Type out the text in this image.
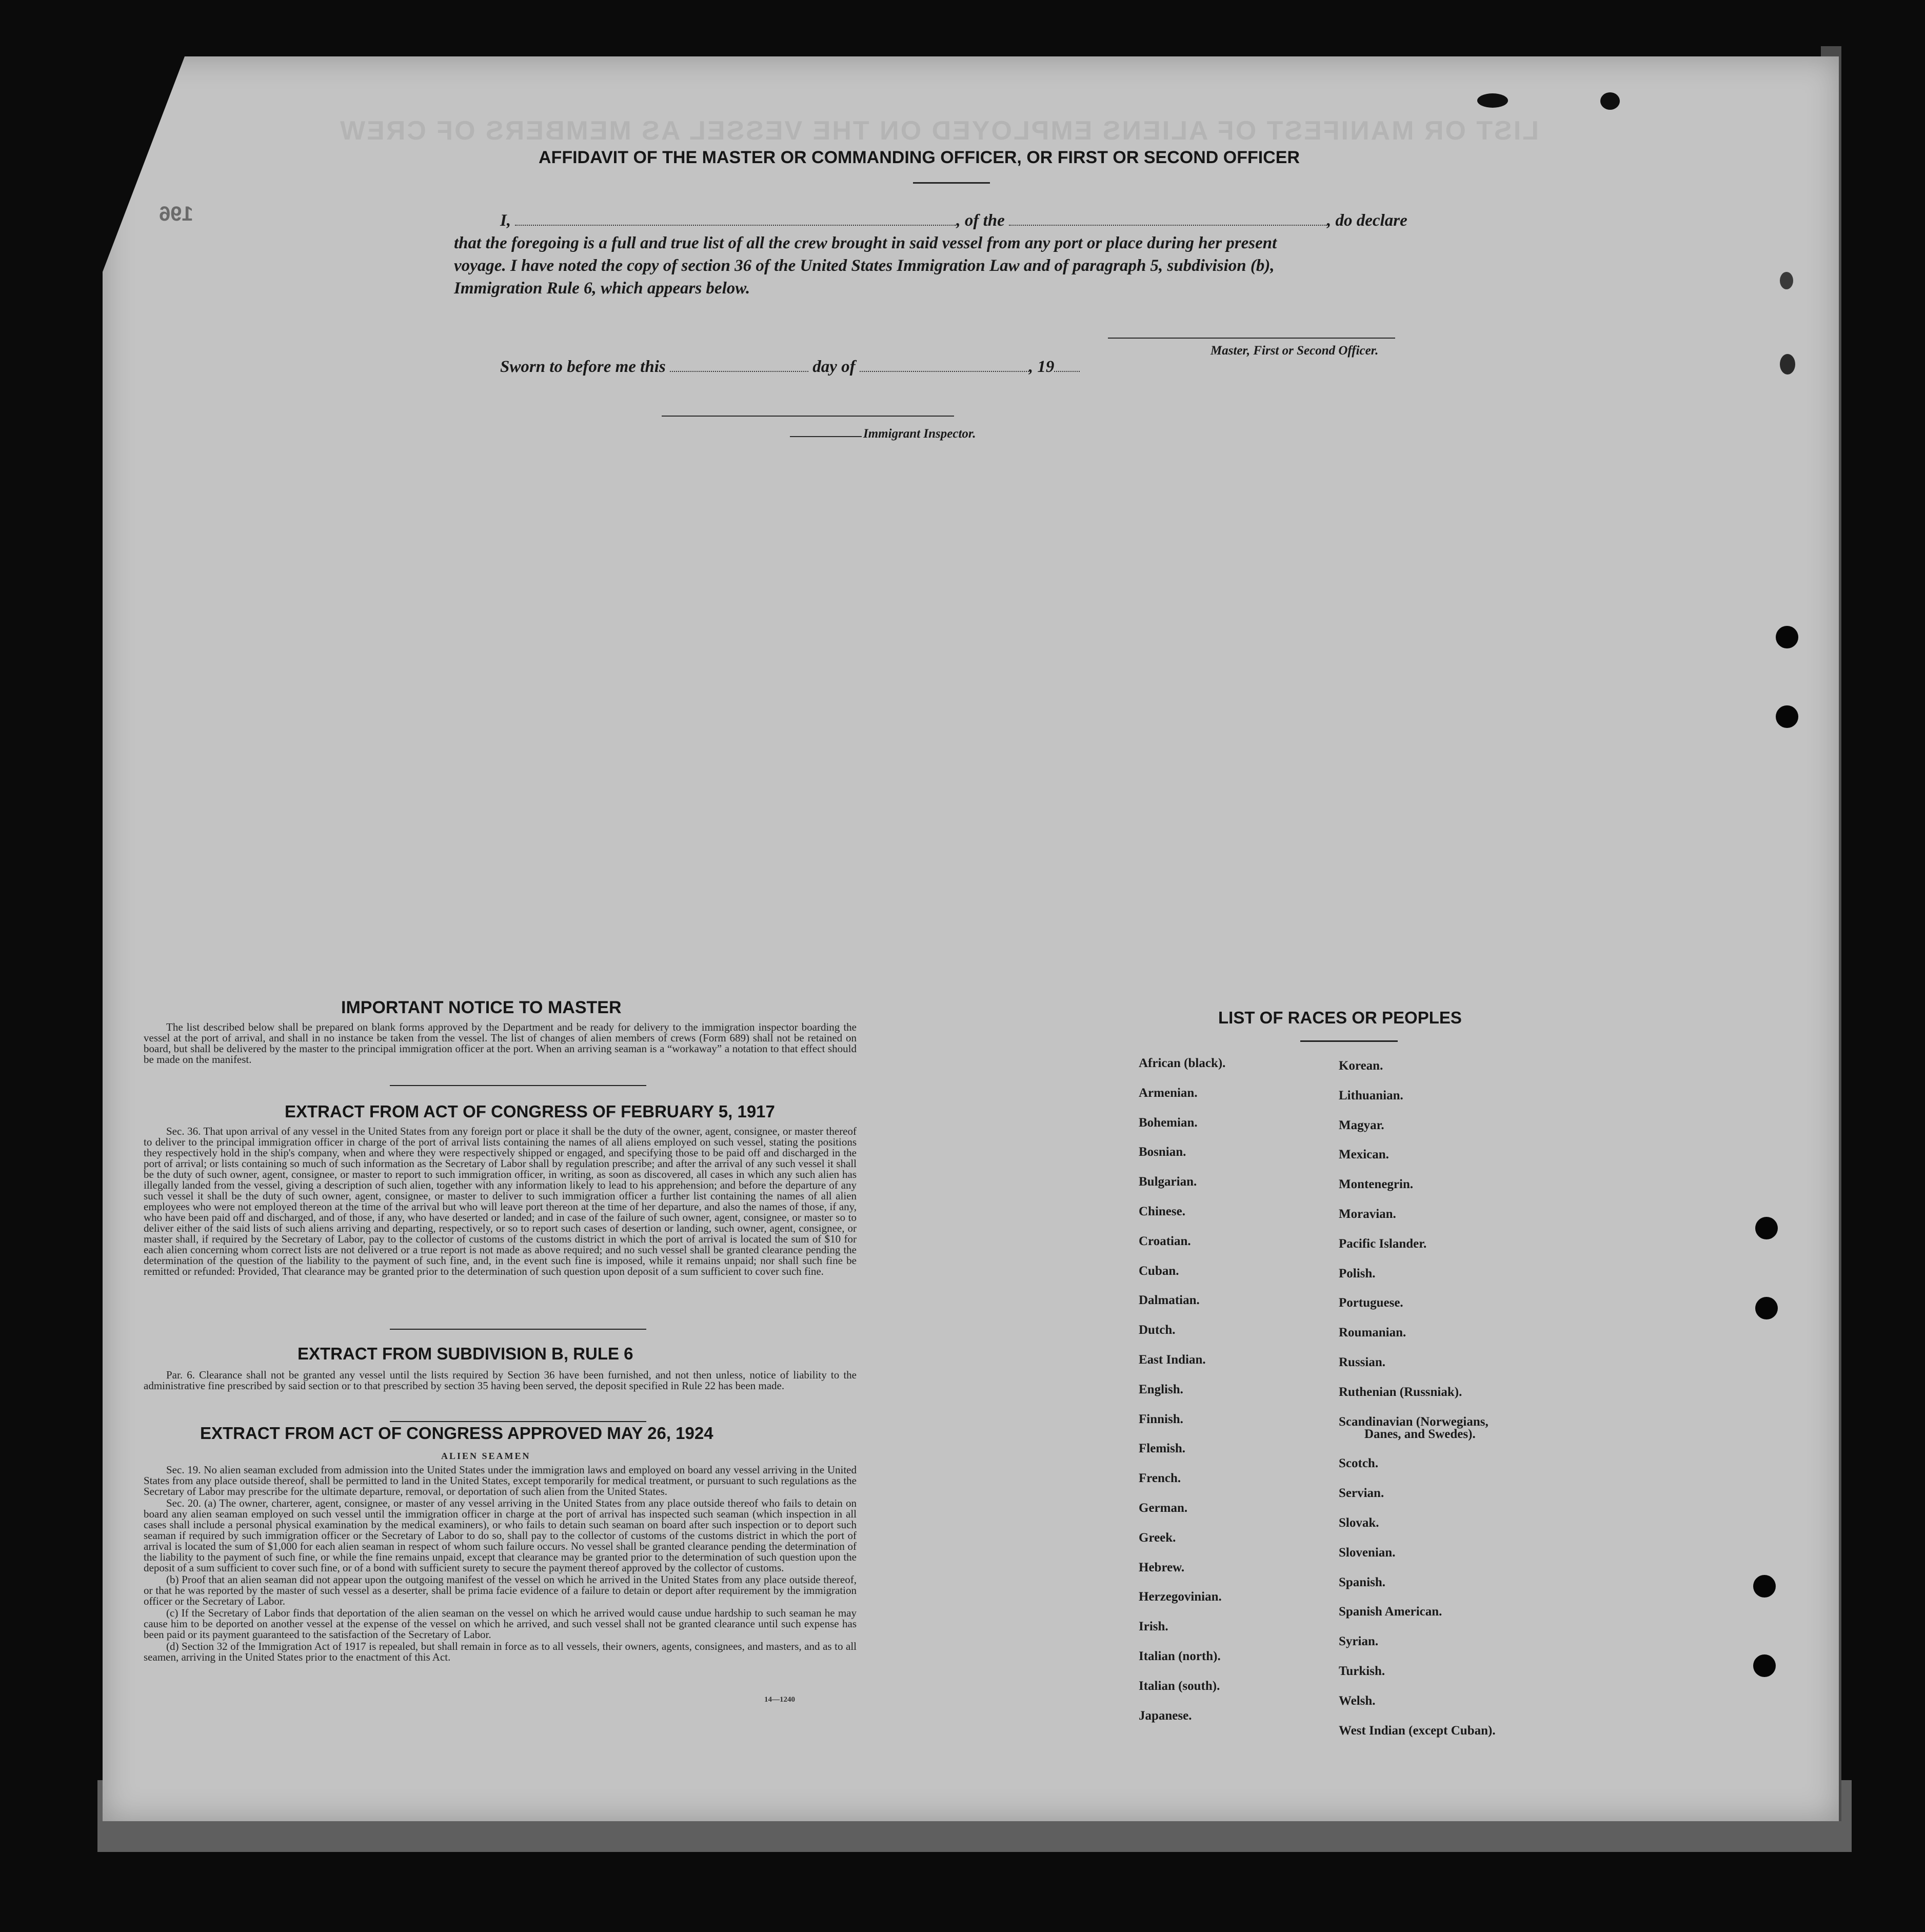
LIST OR MANIFEST OF ALIENS EMPLOYED ON THE VESSEL AS MEMBERS OF CREW
196
AFFIDAVIT OF THE MASTER OR COMMANDING OFFICER, OR FIRST OR SECOND OFFICER
I,	, of the	, do declare
that the foregoing is a full and true list of all the crew brought in said vessel from any port or place during her present
voyage. I have noted the copy of section 36 of the United States Immigration Law and of paragraph 5, subdivision (b),
Immigration Rule 6, which appears below.
Master, First or Second Officer.
Sworn to before me this	day of	, 19
Immigrant Inspector.
IMPORTANT NOTICE TO MASTER

The list described below shall be prepared on blank forms approved by the Department and be ready for delivery to the immigration inspector boarding the vessel at the port of arrival, and shall in no instance be taken from the vessel. The list of changes of alien members of crews (Form 689) shall not be retained on board, but shall be delivered by the master to the principal immigration officer at the port. When an arriving seaman is a “workaway” a notation to that effect should be made on the manifest.

EXTRACT FROM ACT OF CONGRESS OF FEBRUARY 5, 1917

Sec. 36. That upon arrival of any vessel in the United States from any foreign port or place it shall be the duty of the owner, agent, consignee, or master thereof to deliver to the principal immigration officer in charge of the port of arrival lists containing the names of all aliens employed on such vessel, stating the positions they respectively hold in the ship's company, when and where they were respectively shipped or engaged, and specifying those to be paid off and discharged in the port of arrival; or lists containing so much of such information as the Secretary of Labor shall by regulation prescribe; and after the arrival of any such vessel it shall be the duty of such owner, agent, consignee, or master to report to such immigration officer, in writing, as soon as discovered, all cases in which any such alien has illegally landed from the vessel, giving a description of such alien, together with any information likely to lead to his apprehension; and before the departure of any such vessel it shall be the duty of such owner, agent, consignee, or master to deliver to such immigration officer a further list containing the names of all alien employees who were not employed thereon at the time of the arrival but who will leave port thereon at the time of her departure, and also the names of those, if any, who have been paid off and discharged, and of those, if any, who have deserted or landed; and in case of the failure of such owner, agent, consignee, or master so to deliver either of the said lists of such aliens arriving and departing, respectively, or so to report such cases of desertion or landing, such owner, agent, consignee, or master shall, if required by the Secretary of Labor, pay to the collector of customs of the customs district in which the port of arrival is located the sum of $10 for each alien concerning whom correct lists are not delivered or a true report is not made as above required; and no such vessel shall be granted clearance pending the determination of the question of the liability to the payment of such fine, and, in the event such fine is imposed, while it remains unpaid; nor shall such fine be remitted or refunded: Provided, That clearance may be granted prior to the determination of such question upon deposit of a sum sufficient to cover such fine.

EXTRACT FROM SUBDIVISION B, RULE 6

Par. 6. Clearance shall not be granted any vessel until the lists required by Section 36 have been furnished, and not then unless, notice of liability to the administrative fine prescribed by said section or to that prescribed by section 35 having been served, the deposit specified in Rule 22 has been made.

EXTRACT FROM ACT OF CONGRESS APPROVED MAY 26, 1924
ALIEN SEAMEN

Sec. 19. No alien seaman excluded from admission into the United States under the immigration laws and employed on board any vessel arriving in the United States from any place outside thereof, shall be permitted to land in the United States, except temporarily for medical treatment, or pursuant to such regulations as the Secretary of Labor may prescribe for the ultimate departure, removal, or deportation of such alien from the United States.

Sec. 20. (a) The owner, charterer, agent, consignee, or master of any vessel arriving in the United States from any place outside thereof who fails to detain on board any alien seaman employed on such vessel until the immigration officer in charge at the port of arrival has inspected such seaman (which inspection in all cases shall include a personal physical examination by the medical examiners), or who fails to detain such seaman on board after such inspection or to deport such seaman if required by such immigration officer or the Secretary of Labor to do so, shall pay to the collector of customs of the customs district in which the port of arrival is located the sum of $1,000 for each alien seaman in respect of whom such failure occurs. No vessel shall be granted clearance pending the determination of the liability to the payment of such fine, or while the fine remains unpaid, except that clearance may be granted prior to the determination of such question upon the deposit of a sum sufficient to cover such fine, or of a bond with sufficient surety to secure the payment thereof approved by the collector of customs.

(b) Proof that an alien seaman did not appear upon the outgoing manifest of the vessel on which he arrived in the United States from any place outside thereof, or that he was reported by the master of such vessel as a deserter, shall be prima facie evidence of a failure to detain or deport after requirement by the immigration officer or the Secretary of Labor.

(c) If the Secretary of Labor finds that deportation of the alien seaman on the vessel on which he arrived would cause undue hardship to such seaman he may cause him to be deported on another vessel at the expense of the vessel on which he arrived, and such vessel shall not be granted clearance until such expense has been paid or its payment guaranteed to the satisfaction of the Secretary of Labor.

(d) Section 32 of the Immigration Act of 1917 is repealed, but shall remain in force as to all vessels, their owners, agents, consignees, and masters, and as to all seamen, arriving in the United States prior to the enactment of this Act.

14—1240
LIST OF RACES OR PEOPLES
African (black).
Armenian.
Bohemian.
Bosnian.
Bulgarian.
Chinese.
Croatian.
Cuban.
Dalmatian.
Dutch.
East Indian.
English.
Finnish.
Flemish.
French.
German.
Greek.
Hebrew.
Herzegovinian.
Irish.
Italian (north).
Italian (south).
Japanese.
Korean.
Lithuanian.
Magyar.
Mexican.
Montenegrin.
Moravian.
Pacific Islander.
Polish.
Portuguese.
Roumanian.
Russian.
Ruthenian (Russniak).
Scandinavian (Norwegians,
Danes, and Swedes).
Scotch.
Servian.
Slovak.
Slovenian.
Spanish.
Spanish American.
Syrian.
Turkish.
Welsh.
West Indian (except Cuban).
